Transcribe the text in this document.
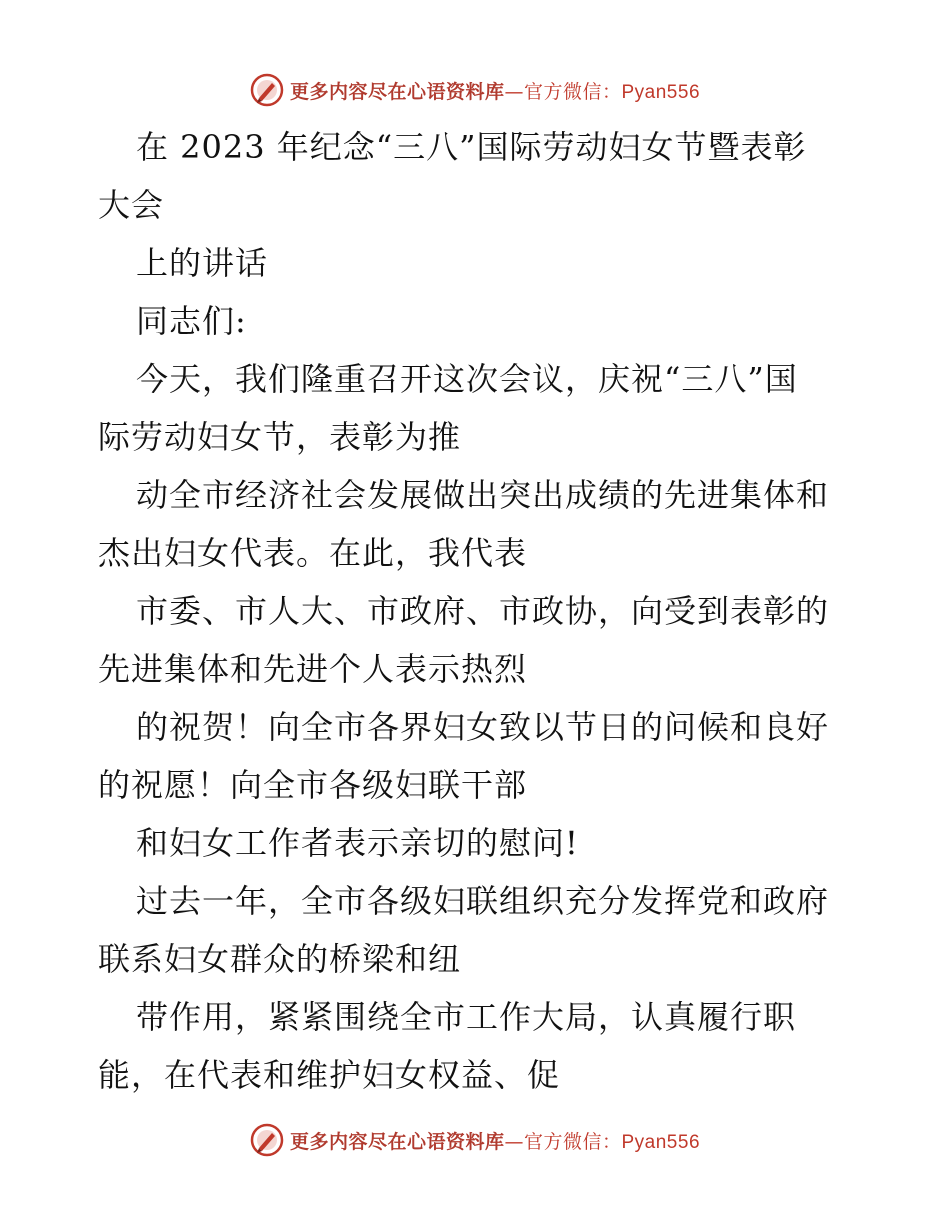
更多内容尽在心语资料库—官方微信：Pyan556
在 2023 年纪念“三八”国际劳动妇女节暨表彰
大会
上的讲话
同志们:
今天，我们隆重召开这次会议，庆祝“三八”国
际劳动妇女节，表彰为推
动全市经济社会发展做出突出成绩的先进集体和
杰出妇女代表。在此，我代表
市委、市人大、市政府、市政协，向受到表彰的
先进集体和先进个人表示热烈
的祝贺！向全市各界妇女致以节日的问候和良好
的祝愿！向全市各级妇联干部
和妇女工作者表示亲切的慰问!
过去一年，全市各级妇联组织充分发挥党和政府
联系妇女群众的桥梁和纽
带作用，紧紧围绕全市工作大局，认真履行职
能，在代表和维护妇女权益、促
更多内容尽在心语资料库—官方微信：Pyan556
